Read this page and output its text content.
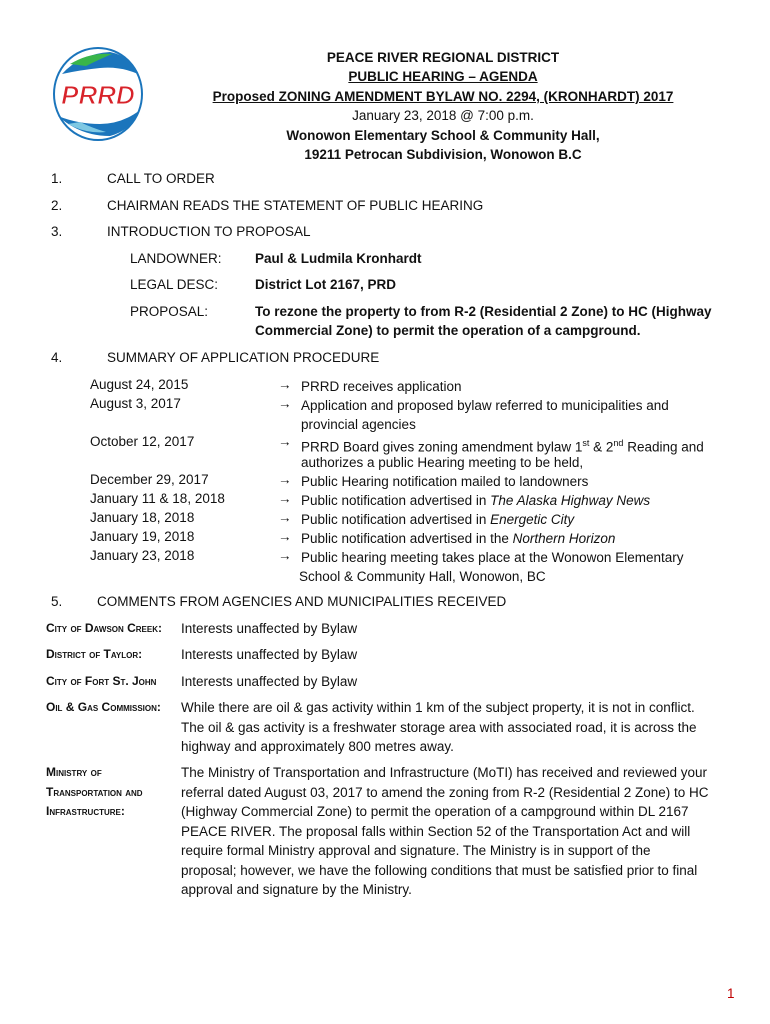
PRRD
PEACE RIVER REGIONAL DISTRICT
PUBLIC HEARING – AGENDA
Proposed ZONING AMENDMENT BYLAW NO. 2294, (KRONHARDT) 2017
January 23, 2018 @ 7:00 p.m.
Wonowon Elementary School & Community Hall,
19211 Petrocan Subdivision, Wonowon B.C
1.	CALL TO ORDER
2.	CHAIRMAN READS THE STATEMENT OF PUBLIC HEARING
3.	INTRODUCTION TO PROPOSAL
LANDOWNER: Paul & Ludmila Kronhardt
LEGAL DESC:	District Lot 2167, PRD
PROPOSAL:	To rezone the property to from R-2 (Residential 2 Zone) to HC (Highway
Commercial Zone) to permit the operation of a campground.
4.	SUMMARY OF APPLICATION PROCEDURE
August 24, 2015	→ PRRD receives application
August 3, 2017	→ Application and proposed bylaw referred to municipalities and
provincial agencies
October 12, 2017	→ PRRD Board gives zoning amendment bylaw 1st & 2nd Reading and
authorizes a public Hearing meeting to be held,
December 29, 2017	→ Public Hearing notification mailed to landowners
January 11 & 18, 2018	→ Public notification advertised in The Alaska Highway News
January 18, 2018	→ Public notification advertised in Energetic City
January 19, 2018	→ Public notification advertised in the Northern Horizon
January 23, 2018	→ Public hearing meeting takes place at the Wonowon Elementary
School & Community Hall, Wonowon, BC
5.	COMMENTS FROM AGENCIES AND MUNICIPALITIES RECEIVED
City of Dawson Creek: Interests unaffected by Bylaw
District of Taylor:	Interests unaffected by Bylaw
City of Fort St. John Interests unaffected by Bylaw
Oil & Gas Commission: While there are oil & gas activity within 1 km of the subject property, it is not in conflict.
The oil & gas activity is a freshwater storage area with associated road, it is across the
highway and approximately 800 metres away.
Ministry of
Transportation and
Infrastructure:
The Ministry of Transportation and Infrastructure (MoTI) has received and reviewed your
referral dated August 03, 2017 to amend the zoning from R-2 (Residential 2 Zone) to HC
(Highway Commercial Zone) to permit the operation of a campground within DL 2167
PEACE RIVER. The proposal falls within Section 52 of the Transportation Act and will
require formal Ministry approval and signature. The Ministry is in support of the
proposal; however, we have the following conditions that must be satisfied prior to final
approval and signature by the Ministry.
1
